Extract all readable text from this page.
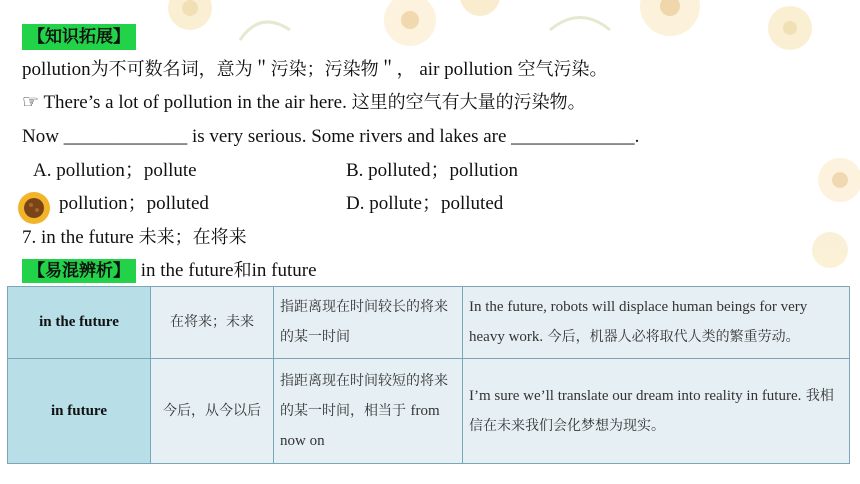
【知识拓展】
pollution为不可数名词，意为＂污染；污染物＂， air pollution 空气污染。
☞ There’s a lot of pollution in the air here. 这里的空气有大量的污染物。
Now _____________ is very serious. Some rivers and lakes are _____________.
A. pollution；pollute	B. polluted；pollution
pollution；polluted	D. pollute；polluted
7. in the future 未来；在将来
【易混辨析】 in the future和in future
in the future	在将来；未来	指距离现在时间较长的将来的某一时间	In the future, robots will displace human beings for very heavy work. 今后，机器人必将取代人类的繁重劳动。
in future	今后，从今以后	指距离现在时间较短的将来的某一时间，相当于 from now on	I’m sure we’ll translate our dream into reality in future. 我相信在未来我们会化梦想为现实。
